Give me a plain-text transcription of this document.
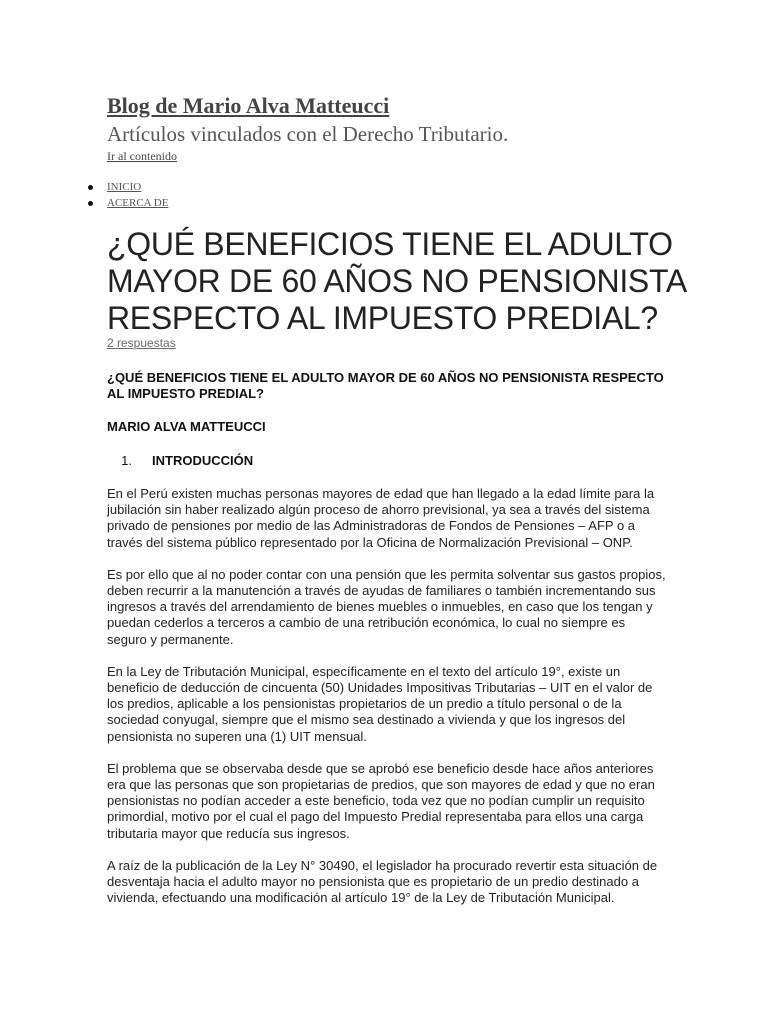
Blog de Mario Alva Matteucci
Artículos vinculados con el Derecho Tributario.
Ir al contenido
INICIO
ACERCA DE
¿QUÉ BENEFICIOS TIENE EL ADULTO MAYOR DE 60 AÑOS NO PENSIONISTA RESPECTO AL IMPUESTO PREDIAL?
2 respuestas

¿QUÉ BENEFICIOS TIENE EL ADULTO MAYOR DE 60 AÑOS NO PENSIONISTA RESPECTO AL IMPUESTO PREDIAL?

MARIO ALVA MATTEUCCI
1. INTRODUCCIÓN

En el Perú existen muchas personas mayores de edad que han llegado a la edad límite para la jubilación sin haber realizado algún proceso de ahorro previsional, ya sea a través del sistema privado de pensiones por medio de las Administradoras de Fondos de Pensiones – AFP o a través del sistema público representado por la Oficina de Normalización Previsional – ONP.

Es por ello que al no poder contar con una pensión que les permita solventar sus gastos propios, deben recurrir a la manutención a través de ayudas de familiares o también incrementando sus ingresos a través del arrendamiento de bienes muebles o inmuebles, en caso que los tengan y puedan cederlos a terceros a cambio de una retribución económica, lo cual no siempre es seguro y permanente.

En la Ley de Tributación Municipal, específicamente en el texto del artículo 19°, existe un beneficio de deducción de cincuenta (50) Unidades Impositivas Tributarias – UIT en el valor de los predios, aplicable a los pensionistas propietarios de un predio a título personal o de la sociedad conyugal, siempre que el mismo sea destinado a vivienda y que los ingresos del pensionista no superen una (1) UIT mensual.

El problema que se observaba desde que se aprobó ese beneficio desde hace años anteriores era que las personas que son propietarias de predios, que son mayores de edad y que no eran pensionistas no podían acceder a este beneficio, toda vez que no podían cumplir un requisito primordial, motivo por el cual el pago del Impuesto Predial representaba para ellos una carga tributaria mayor que reducía sus ingresos.

A raíz de la publicación de la Ley N° 30490, el legislador ha procurado revertir esta situación de desventaja hacia el adulto mayor no pensionista que es propietario de un predio destinado a vivienda, efectuando una modificación al artículo 19° de la Ley de Tributación Municipal.
